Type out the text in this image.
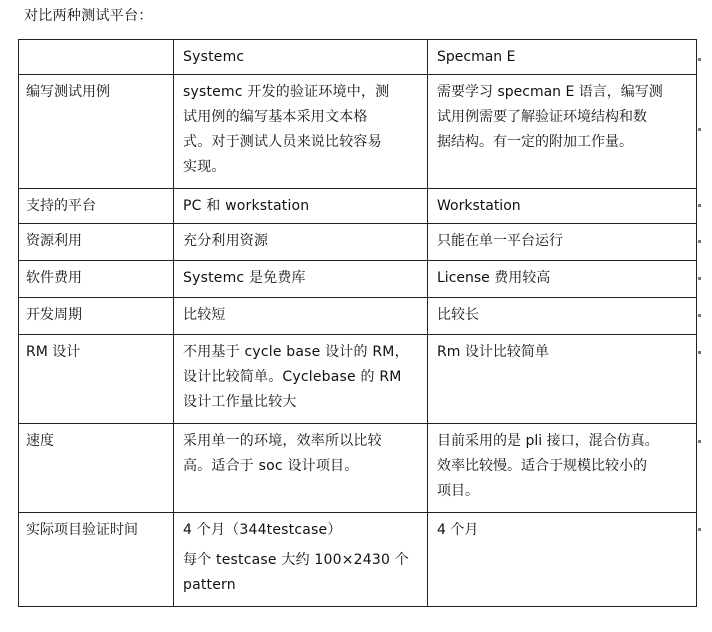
对比两种测试平台：

	Systemc	Specman E

编写测试用例	systemc 开发的验证环境中，测
试用例的编写基本采用文本格
式。对于测试人员来说比较容易
实现。	需要学习 specman E 语言，编写测
试用例需要了解验证环境结构和数
据结构。有一定的附加工作量。

支持的平台	PC 和 workstation	Workstation

资源利用	充分利用资源	只能在单一平台运行

软件费用	Systemc 是免费库	License 费用较高

开发周期	比较短	比较长

RM 设计	不用基于 cycle base 设计的 RM，
设计比较简单。Cyclebase 的 RM
设计工作量比较大	Rm 设计比较简单

速度	采用单一的环境，效率所以比较
高。适合于 soc 设计项目。	目前采用的是 pli 接口，混合仿真。
效率比较慢。适合于规模比较小的
项目。

实际项目验证时间	4 个月（344testcase）
每个 testcase 大约 100×2430 个
pattern	4 个月
